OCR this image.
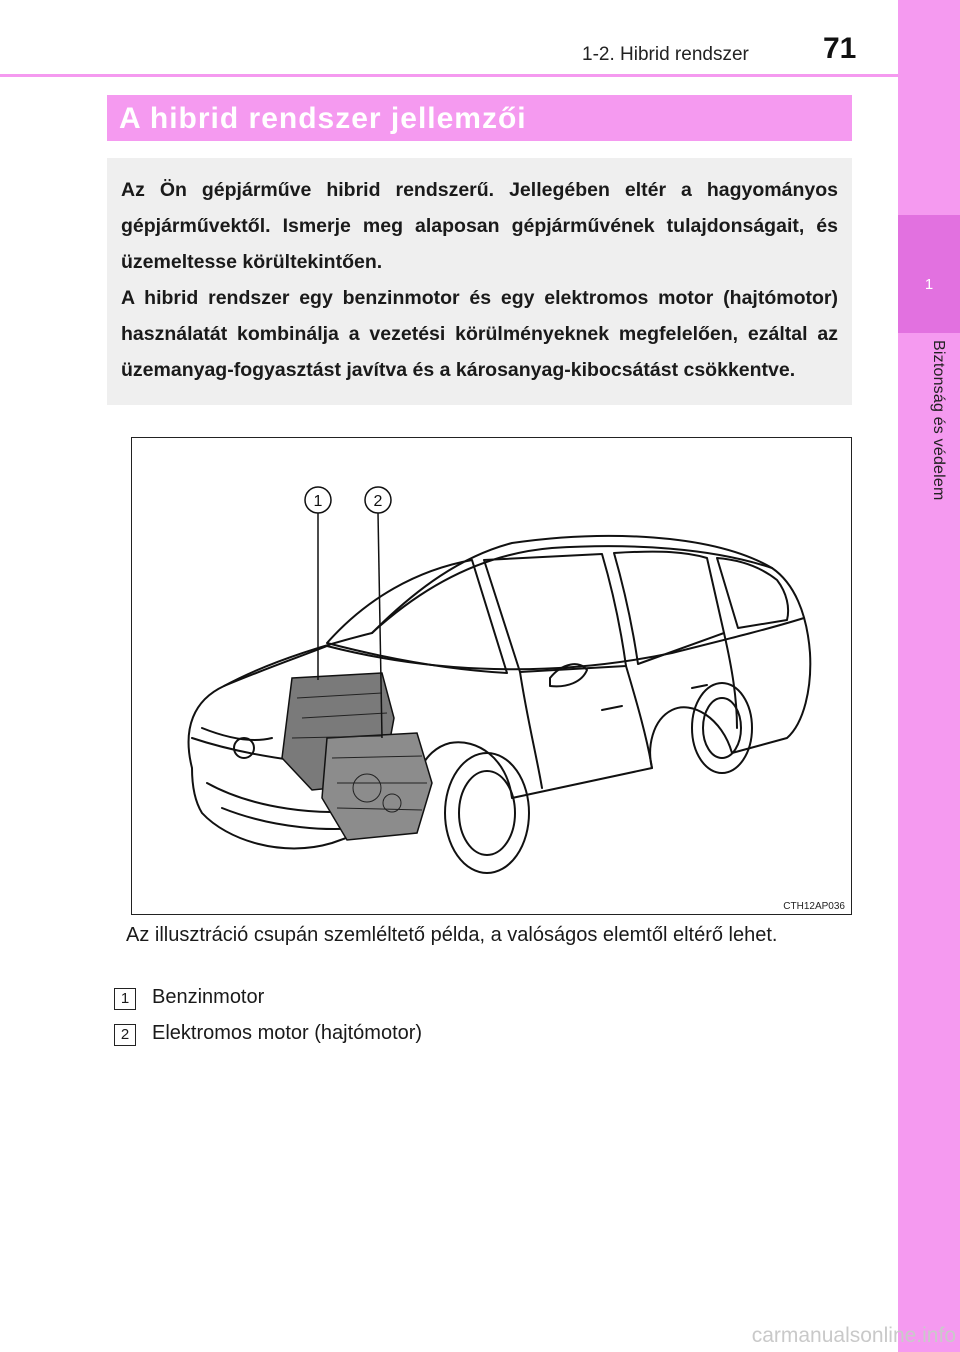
1
Biztonság és védelem
1-2. Hibrid rendszer 71
A hibrid rendszer jellemzői

Az Ön gépjárműve hibrid rendszerű. Jellegében eltér a hagyományos gépjárművektől. Ismerje meg alaposan gépjárművének tulajdonságait, és üzemeltesse körültekintően.

A hibrid rendszer egy benzinmotor és egy elektromos motor (hajtómotor) használatát kombinálja a vezetési körülményeknek megfelelően, ezáltal az üzemanyag-fogyasztást javítva és a károsanyag-kibocsátást csökkentve.

1	2
CTH12AP036

Az illusztráció csupán szemléltető példa, a valóságos elemtől eltérő lehet.

1	Benzinmotor
2	Elektromos motor (hajtómotor)
carmanualsonline.info
